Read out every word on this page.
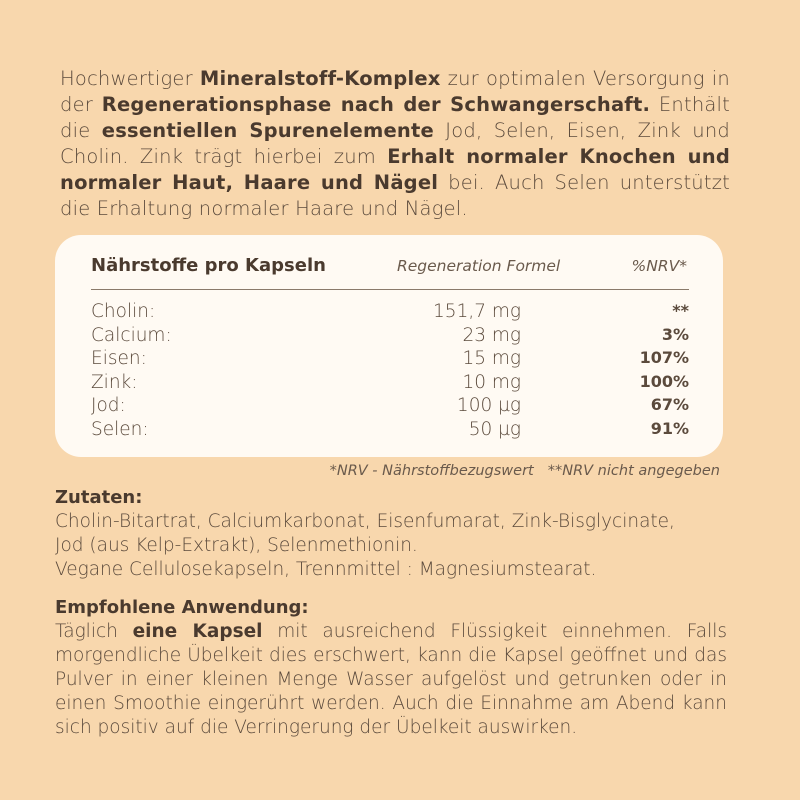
Hochwertiger Mineralstoff-Komplex zur optimalen Versorgung in der Regenerationsphase nach der Schwangerschaft. Enthält die essentiellen Spurenelemente Jod, Selen, Eisen, Zink und Cholin. Zink trägt hierbei zum Erhalt normaler Knochen und normaler Haut, Haare und Nägel bei. Auch Selen unterstützt die Erhaltung normaler Haare und Nägel.
Nährstoffe pro Kapseln	Regeneration Formel	%NRV*
Cholin:	151,7 mg	**
Calcium:	23 mg	3%
Eisen:	15 mg	107%
Zink:	10 mg	100%
Jod:	100 µg	67%
Selen:	50 µg	91%
*NRV - Nährstoffbezugswert **NRV nicht angegeben
Zutaten:
Cholin-Bitartrat, Calciumkarbonat, Eisenfumarat, Zink-Bisglycinate,
Jod (aus Kelp-Extrakt), Selenmethionin.
Vegane Cellulosekapseln, Trennmittel : Magnesiumstearat.
Empfohlene Anwendung:
Täglich eine Kapsel mit ausreichend Flüssigkeit einnehmen. Falls morgendliche Übelkeit dies erschwert, kann die Kapsel geöffnet und das Pulver in einer kleinen Menge Wasser aufgelöst und getrunken oder in einen Smoothie eingerührt werden. Auch die Einnahme am Abend kann sich positiv auf die Verringerung der Übelkeit auswirken.
